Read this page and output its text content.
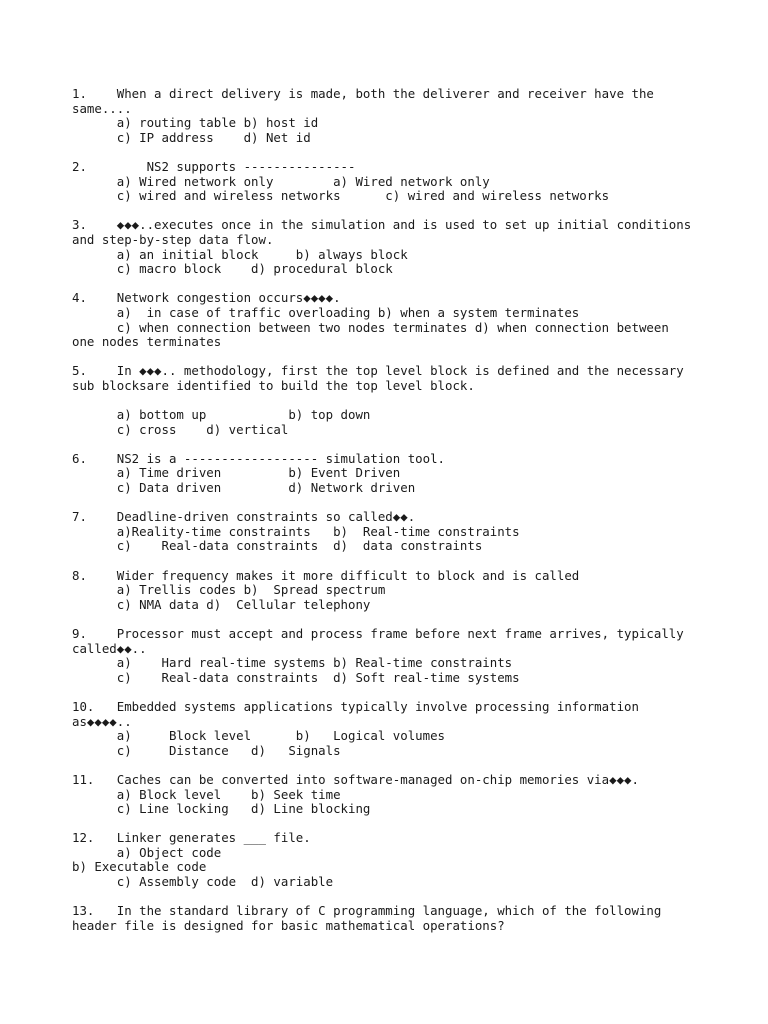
1.    When a direct delivery is made, both the deliverer and receiver have the
same....
a) routing table b) host id
c) IP address    d) Net id
2.        NS2 supports ---------------
a) Wired network only        a) Wired network only
c) wired and wireless networks      c) wired and wireless networks
3.    ◆◆◆..executes once in the simulation and is used to set up initial conditions
and step-by-step data flow.
a) an initial block     b) always block
c) macro block    d) procedural block
4.    Network congestion occurs◆◆◆◆.
a)  in case of traffic overloading b) when a system terminates
c) when connection between two nodes terminates d) when connection between
one nodes terminates
5.    In ◆◆◆.. methodology, first the top level block is defined and the necessary
sub blocksare identified to build the top level block.
a) bottom up           b) top down
c) cross    d) vertical
6.    NS2 is a ------------------ simulation tool.
a) Time driven         b) Event Driven
c) Data driven         d) Network driven
7.    Deadline-driven constraints so called◆◆.
a)Reality-time constraints   b)  Real-time constraints
c)    Real-data constraints  d)  data constraints
8.    Wider frequency makes it more difficult to block and is called
a) Trellis codes b)  Spread spectrum
c) NMA data d)  Cellular telephony
9.    Processor must accept and process frame before next frame arrives, typically
called◆◆..
a)    Hard real-time systems b) Real-time constraints
c)    Real-data constraints  d) Soft real-time systems
10.   Embedded systems applications typically involve processing information
as◆◆◆◆..
a)     Block level      b)   Logical volumes
c)     Distance   d)   Signals
11.   Caches can be converted into software-managed on-chip memories via◆◆◆.
a) Block level    b) Seek time
c) Line locking   d) Line blocking
12.   Linker generates ___ file.
a) Object code
b) Executable code
c) Assembly code  d) variable
13.   In the standard library of C programming language, which of the following
header file is designed for basic mathematical operations?
